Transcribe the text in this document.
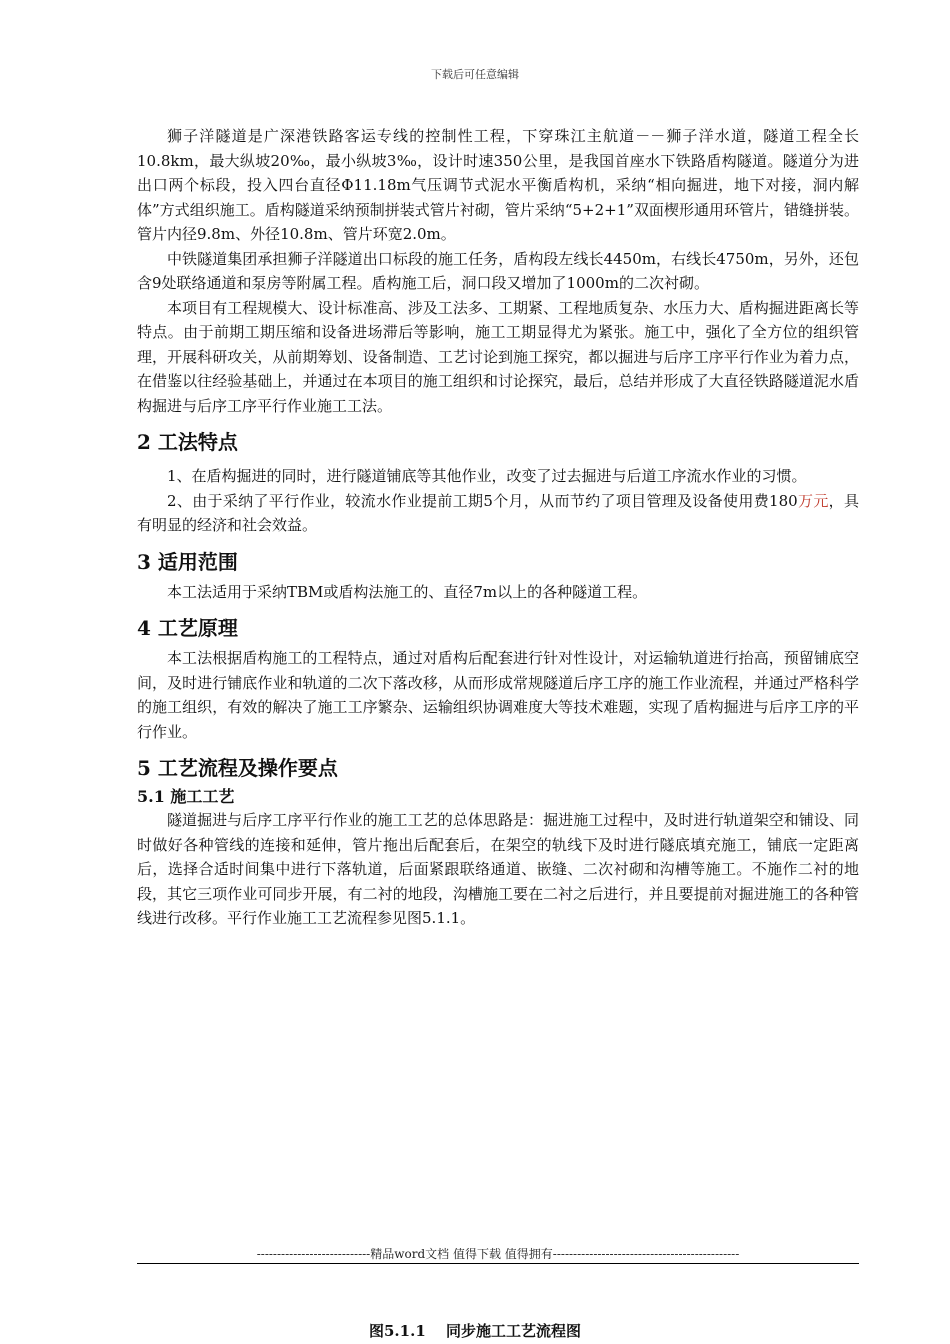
下载后可任意编辑

狮子洋隧道是广深港铁路客运专线的控制性工程，下穿珠江主航道－－狮子洋水道，隧道工程全长10.8km，最大纵坡20‰，最小纵坡3‰，设计时速350公里，是我国首座水下铁路盾构隧道。隧道分为进出口两个标段，投入四台直径Φ11.18m气压调节式泥水平衡盾构机，采纳“相向掘进，地下对接，洞内解体”方式组织施工。盾构隧道采纳预制拼装式管片衬砌，管片采纳“5+2+1”双面楔形通用环管片，错缝拼装。管片内径9.8m、外径10.8m、管片环宽2.0m。

中铁隧道集团承担狮子洋隧道出口标段的施工任务，盾构段左线长4450m，右线长4750m，另外，还包含9处联络通道和泵房等附属工程。盾构施工后，洞口段又增加了1000m的二次衬砌。

本项目有工程规模大、设计标准高、涉及工法多、工期紧、工程地质复杂、水压力大、盾构掘进距离长等特点。由于前期工期压缩和设备进场滞后等影响，施工工期显得尤为紧张。施工中，强化了全方位的组织管理，开展科研攻关，从前期筹划、设备制造、工艺讨论到施工探究，都以掘进与后序工序平行作业为着力点，在借鉴以往经验基础上，并通过在本项目的施工组织和讨论探究，最后，总结并形成了大直径铁路隧道泥水盾构掘进与后序工序平行作业施工工法。

2 工法特点

1、在盾构掘进的同时，进行隧道铺底等其他作业，改变了过去掘进与后道工序流水作业的习惯。

2、由于采纳了平行作业，较流水作业提前工期5个月，从而节约了项目管理及设备使用费180万元，具有明显的经济和社会效益。

3 适用范围

本工法适用于采纳TBM或盾构法施工的、直径7m以上的各种隧道工程。

4 工艺原理

本工法根据盾构施工的工程特点，通过对盾构后配套进行针对性设计，对运输轨道进行抬高，预留铺底空间，及时进行铺底作业和轨道的二次下落改移，从而形成常规隧道后序工序的施工作业流程，并通过严格科学的施工组织，有效的解决了施工工序繁杂、运输组织协调难度大等技术难题，实现了盾构掘进与后序工序的平行作业。

5 工艺流程及操作要点
5.1 施工工艺

隧道掘进与后序工序平行作业的施工工艺的总体思路是：掘进施工过程中，及时进行轨道架空和铺设、同时做好各种管线的连接和延伸，管片拖出后配套后，在架空的轨线下及时进行隧底填充施工，铺底一定距离后，选择合适时间集中进行下落轨道，后面紧跟联络通道、嵌缝、二次衬砌和沟槽等施工。不施作二衬的地段，其它三项作业可同步开展，有二衬的地段，沟槽施工要在二衬之后进行，并且要提前对掘进施工的各种管线进行改移。平行作业施工工艺流程参见图5.1.1。

----------------------------精品word文档 值得下载 值得拥有----------------------------------------------
图5.1.1　 同步施工工艺流程图
